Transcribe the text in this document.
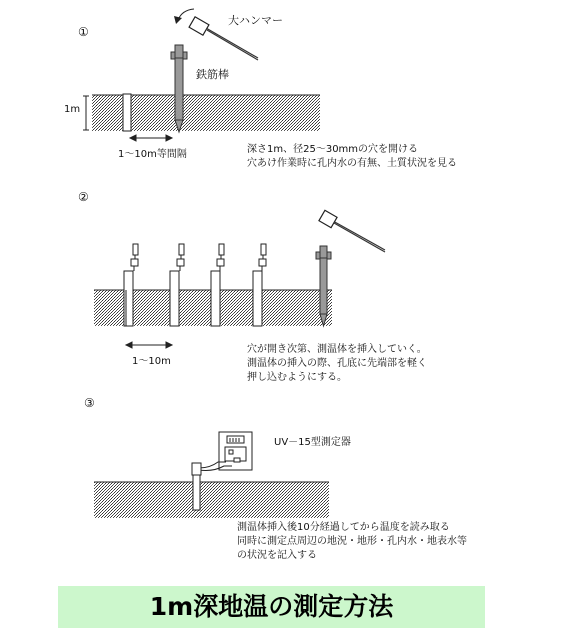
①
大ハンマー
鉄筋棒
1m
1～10m等間隔	深さ1m、径25～30mmの穴を開ける
穴あけ作業時に孔内水の有無、土質状況を見る
②
1～10m
穴が開き次第、測温体を挿入していく。
測温体の挿入の際、孔底に先端部を軽く
押し込むようにする。
③
UV－15型測定器
測温体挿入後10分経過してから温度を読み取る
同時に測定点周辺の地況・地形・孔内水・地表水等
の状況を記入する
1m深地温の測定方法
